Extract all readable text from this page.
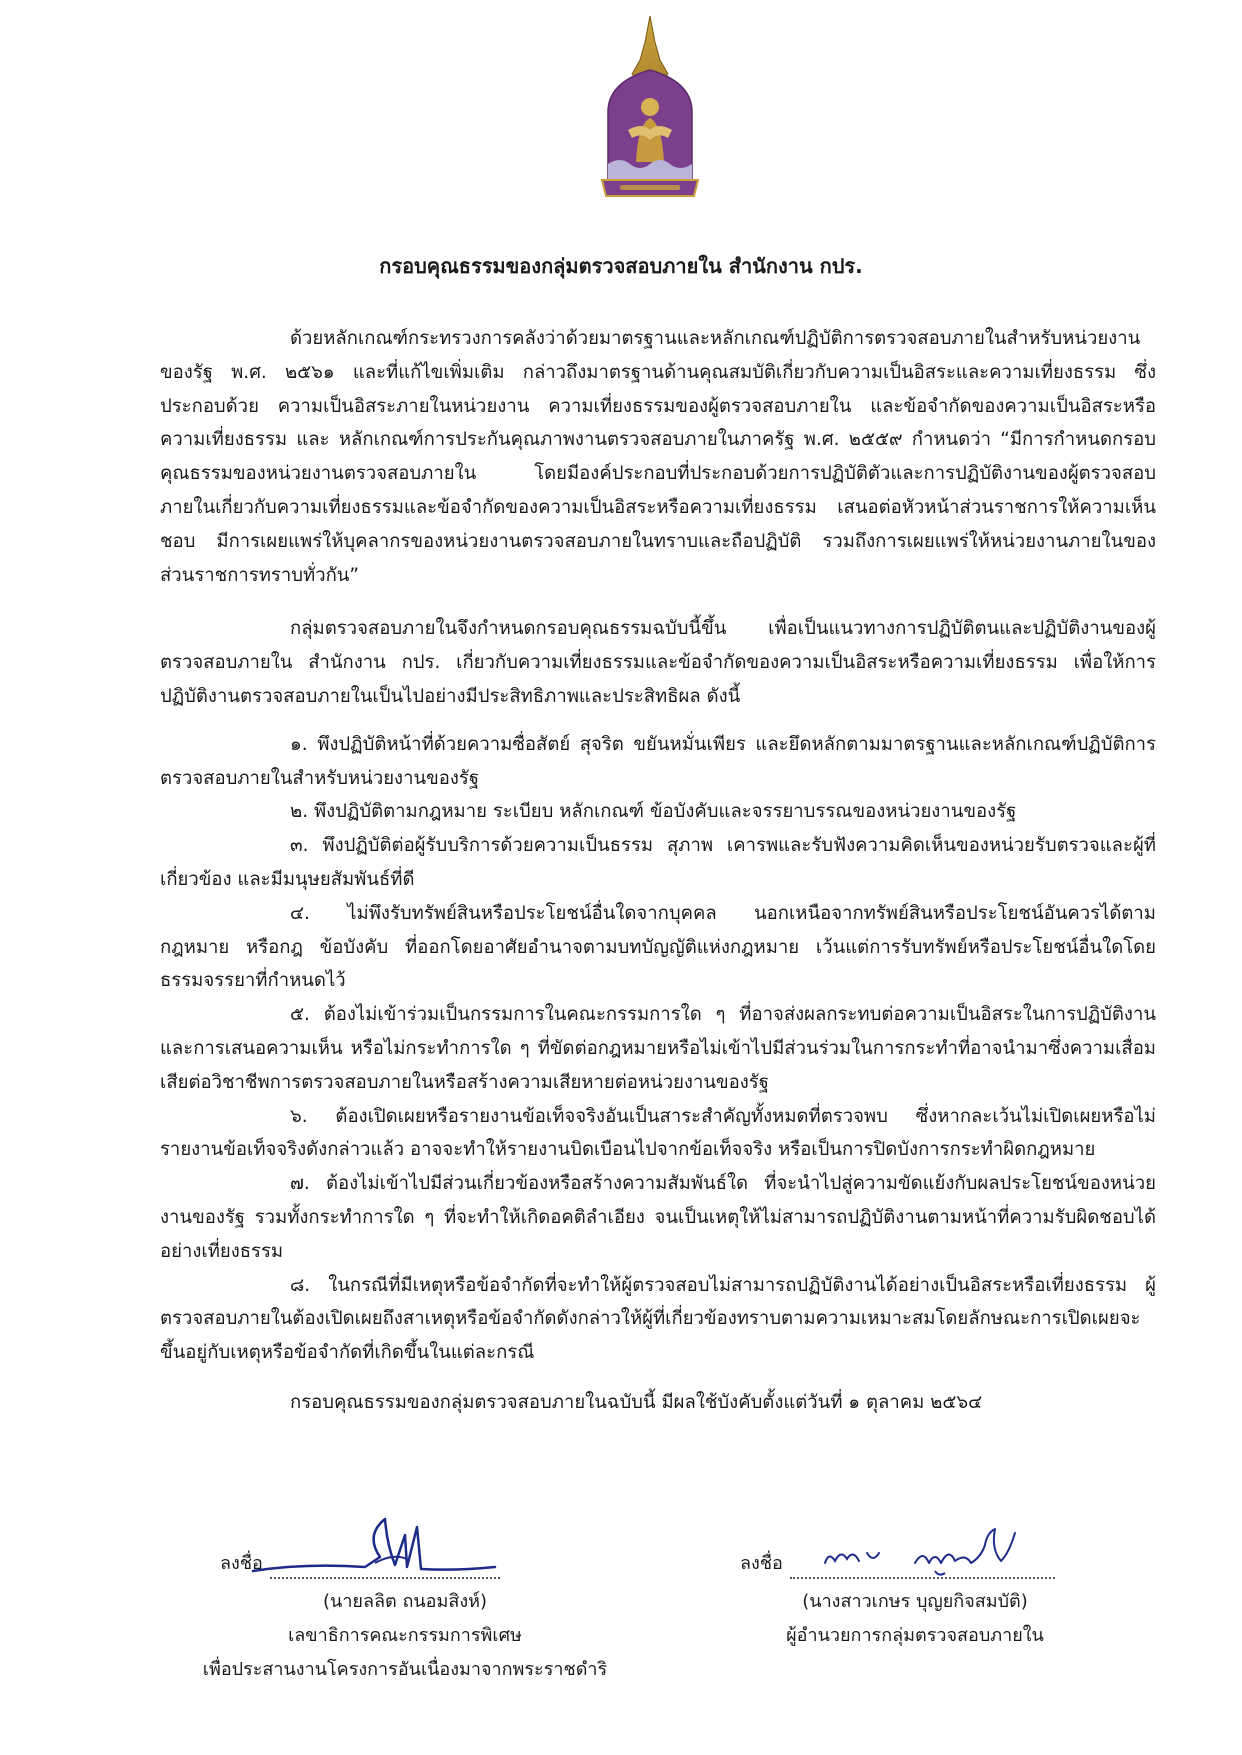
กรอบคุณธรรมของกลุ่มตรวจสอบภายใน สำนักงาน กปร.

ด้วยหลักเกณฑ์กระทรวงการคลังว่าด้วยมาตรฐานและหลักเกณฑ์ปฏิบัติการตรวจสอบภายในสำหรับหน่วยงานของรัฐ พ.ศ. ๒๕๖๑ และที่แก้ไขเพิ่มเติม กล่าวถึงมาตรฐานด้านคุณสมบัติเกี่ยวกับความเป็นอิสระและความเที่ยงธรรม ซึ่งประกอบด้วย ความเป็นอิสระภายในหน่วยงาน ความเที่ยงธรรมของผู้ตรวจสอบภายใน และข้อจำกัดของความเป็นอิสระหรือความเที่ยงธรรม และ หลักเกณฑ์การประกันคุณภาพงานตรวจสอบภายในภาครัฐ พ.ศ. ๒๕๕๙ กำหนดว่า “มีการกำหนดกรอบคุณธรรมของหน่วยงานตรวจสอบภายใน โดยมีองค์ประกอบที่ประกอบด้วยการปฏิบัติตัวและการปฏิบัติงานของผู้ตรวจสอบภายในเกี่ยวกับความเที่ยงธรรมและข้อจำกัดของความเป็นอิสระหรือความเที่ยงธรรม เสนอต่อหัวหน้าส่วนราชการให้ความเห็นชอบ มีการเผยแพร่ให้บุคลากรของหน่วยงานตรวจสอบภายในทราบและถือปฏิบัติ รวมถึงการเผยแพร่ให้หน่วยงานภายในของส่วนราชการทราบทั่วกัน”

กลุ่มตรวจสอบภายในจึงกำหนดกรอบคุณธรรมฉบับนี้ขึ้น เพื่อเป็นแนวทางการปฏิบัติตนและปฏิบัติงานของผู้ตรวจสอบภายใน สำนักงาน กปร. เกี่ยวกับความเที่ยงธรรมและข้อจำกัดของความเป็นอิสระหรือความเที่ยงธรรม เพื่อให้การปฏิบัติงานตรวจสอบภายในเป็นไปอย่างมีประสิทธิภาพและประสิทธิผล ดังนี้

๑. พึงปฏิบัติหน้าที่ด้วยความซื่อสัตย์ สุจริต ขยันหมั่นเพียร และยึดหลักตามมาตรฐานและหลักเกณฑ์ปฏิบัติการตรวจสอบภายในสำหรับหน่วยงานของรัฐ

๒. พึงปฏิบัติตามกฎหมาย ระเบียบ หลักเกณฑ์ ข้อบังคับและจรรยาบรรณของหน่วยงานของรัฐ

๓. พึงปฏิบัติต่อผู้รับบริการด้วยความเป็นธรรม สุภาพ เคารพและรับฟังความคิดเห็นของหน่วยรับตรวจและผู้ที่เกี่ยวข้อง และมีมนุษยสัมพันธ์ที่ดี

๔. ไม่พึงรับทรัพย์สินหรือประโยชน์อื่นใดจากบุคคล นอกเหนือจากทรัพย์สินหรือประโยชน์อันควรได้ตามกฎหมาย หรือกฎ ข้อบังคับ ที่ออกโดยอาศัยอำนาจตามบทบัญญัติแห่งกฎหมาย เว้นแต่การรับทรัพย์หรือประโยชน์อื่นใดโดยธรรมจรรยาที่กำหนดไว้

๕. ต้องไม่เข้าร่วมเป็นกรรมการในคณะกรรมการใด ๆ ที่อาจส่งผลกระทบต่อความเป็นอิสระในการปฏิบัติงานและการเสนอความเห็น หรือไม่กระทำการใด ๆ ที่ขัดต่อกฎหมายหรือไม่เข้าไปมีส่วนร่วมในการกระทำที่อาจนำมาซึ่งความเสื่อมเสียต่อวิชาชีพการตรวจสอบภายในหรือสร้างความเสียหายต่อหน่วยงานของรัฐ

๖. ต้องเปิดเผยหรือรายงานข้อเท็จจริงอันเป็นสาระสำคัญทั้งหมดที่ตรวจพบ ซึ่งหากละเว้นไม่เปิดเผยหรือไม่รายงานข้อเท็จจริงดังกล่าวแล้ว อาจจะทำให้รายงานบิดเบือนไปจากข้อเท็จจริง หรือเป็นการปิดบังการกระทำผิดกฎหมาย

๗. ต้องไม่เข้าไปมีส่วนเกี่ยวข้องหรือสร้างความสัมพันธ์ใด ที่จะนำไปสู่ความขัดแย้งกับผลประโยชน์ของหน่วยงานของรัฐ รวมทั้งกระทำการใด ๆ ที่จะทำให้เกิดอคติลำเอียง จนเป็นเหตุให้ไม่สามารถปฏิบัติงานตามหน้าที่ความรับผิดชอบได้อย่างเที่ยงธรรม

๘. ในกรณีที่มีเหตุหรือข้อจำกัดที่จะทำให้ผู้ตรวจสอบไม่สามารถปฏิบัติงานได้อย่างเป็นอิสระหรือเที่ยงธรรม ผู้ตรวจสอบภายในต้องเปิดเผยถึงสาเหตุหรือข้อจำกัดดังกล่าวให้ผู้ที่เกี่ยวข้องทราบตามความเหมาะสมโดยลักษณะการเปิดเผยจะขึ้นอยู่กับเหตุหรือข้อจำกัดที่เกิดขึ้นในแต่ละกรณี

กรอบคุณธรรมของกลุ่มตรวจสอบภายในฉบับนี้ มีผลใช้บังคับตั้งแต่วันที่ ๑ ตุลาคม ๒๕๖๔

ลงชื่อ
(นายลลิต ถนอมสิงห์)
เลขาธิการคณะกรรมการพิเศษ
เพื่อประสานงานโครงการอันเนื่องมาจากพระราชดำริ
ลงชื่อ
(นางสาวเกษร บุญยกิจสมบัติ)
ผู้อำนวยการกลุ่มตรวจสอบภายใน
